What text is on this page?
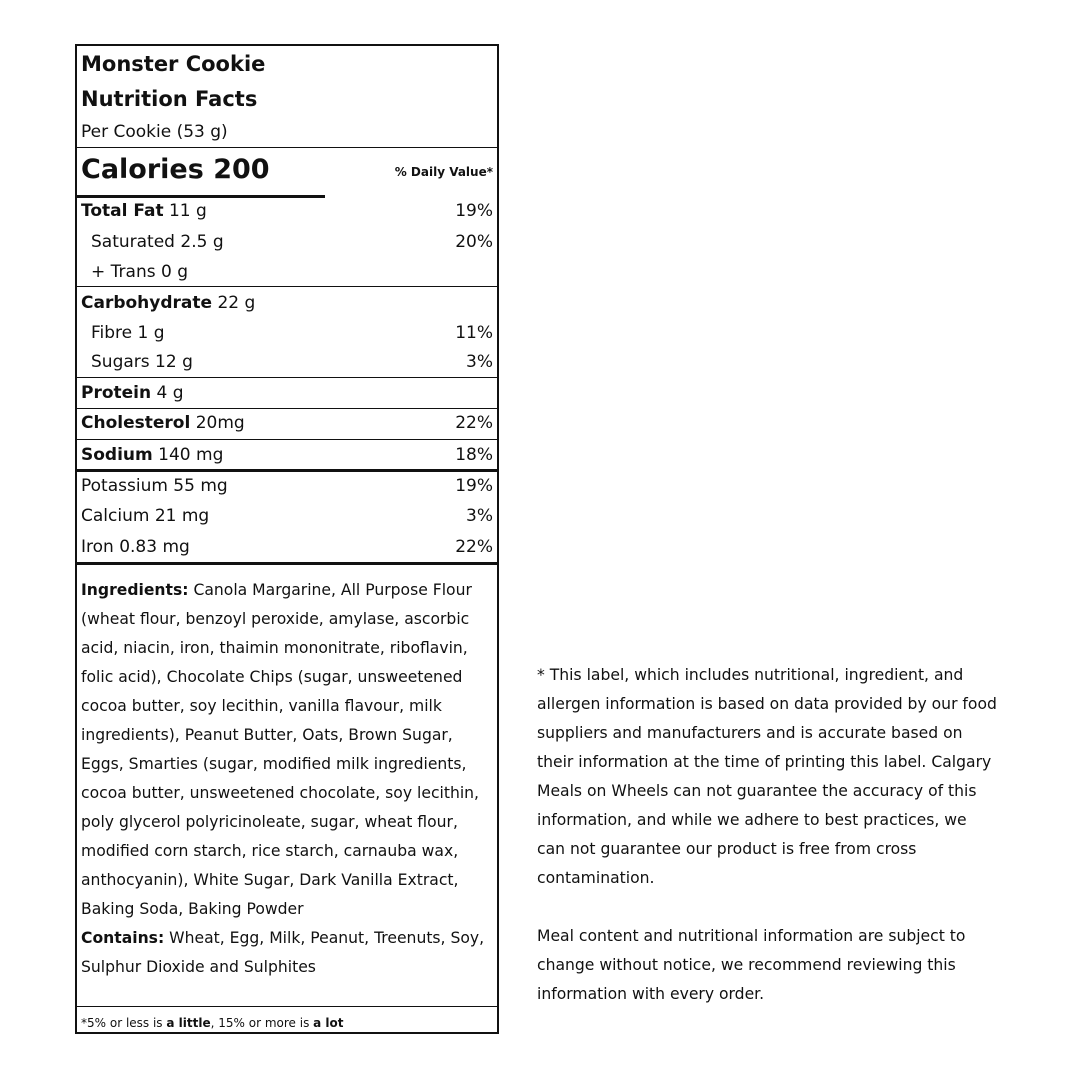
Monster Cookie
Nutrition Facts
Per Cookie (53 g)
Calories 200	% Daily Value*
Total Fat 11 g	19%
Saturated 2.5 g	20%
+ Trans 0 g
Carbohydrate 22 g
Fibre 1 g	11%
Sugars 12 g	3%
Protein 4 g
Cholesterol 20mg	22%
Sodium 140 mg	18%
Potassium 55 mg	19%
Calcium 21 mg	3%
Iron 0.83 mg	22%
Ingredients: Canola Margarine, All Purpose Flour (wheat flour, benzoyl peroxide, amylase, ascorbic acid, niacin, iron, thaimin mononitrate, riboflavin, folic acid), Chocolate Chips (sugar, unsweetened cocoa butter, soy lecithin, vanilla flavour, milk ingredients), Peanut Butter, Oats, Brown Sugar, Eggs, Smarties (sugar, modified milk ingredients, cocoa butter, unsweetened chocolate, soy lecithin, poly glycerol polyricinoleate, sugar, wheat flour, modified corn starch, rice starch, carnauba wax, anthocyanin), White Sugar, Dark Vanilla Extract, Baking Soda, Baking Powder
Contains: Wheat, Egg, Milk, Peanut, Treenuts, Soy, Sulphur Dioxide and Sulphites
*5% or less is a little, 15% or more is a lot

* This label, which includes nutritional, ingredient, and allergen information is based on data provided by our food suppliers and manufacturers and is accurate based on their information at the time of printing this label. Calgary Meals on Wheels can not guarantee the accuracy of this information, and while we adhere to best practices, we can not guarantee our product is free from cross contamination.

Meal content and nutritional information are subject to change without notice, we recommend reviewing this information with every order.
